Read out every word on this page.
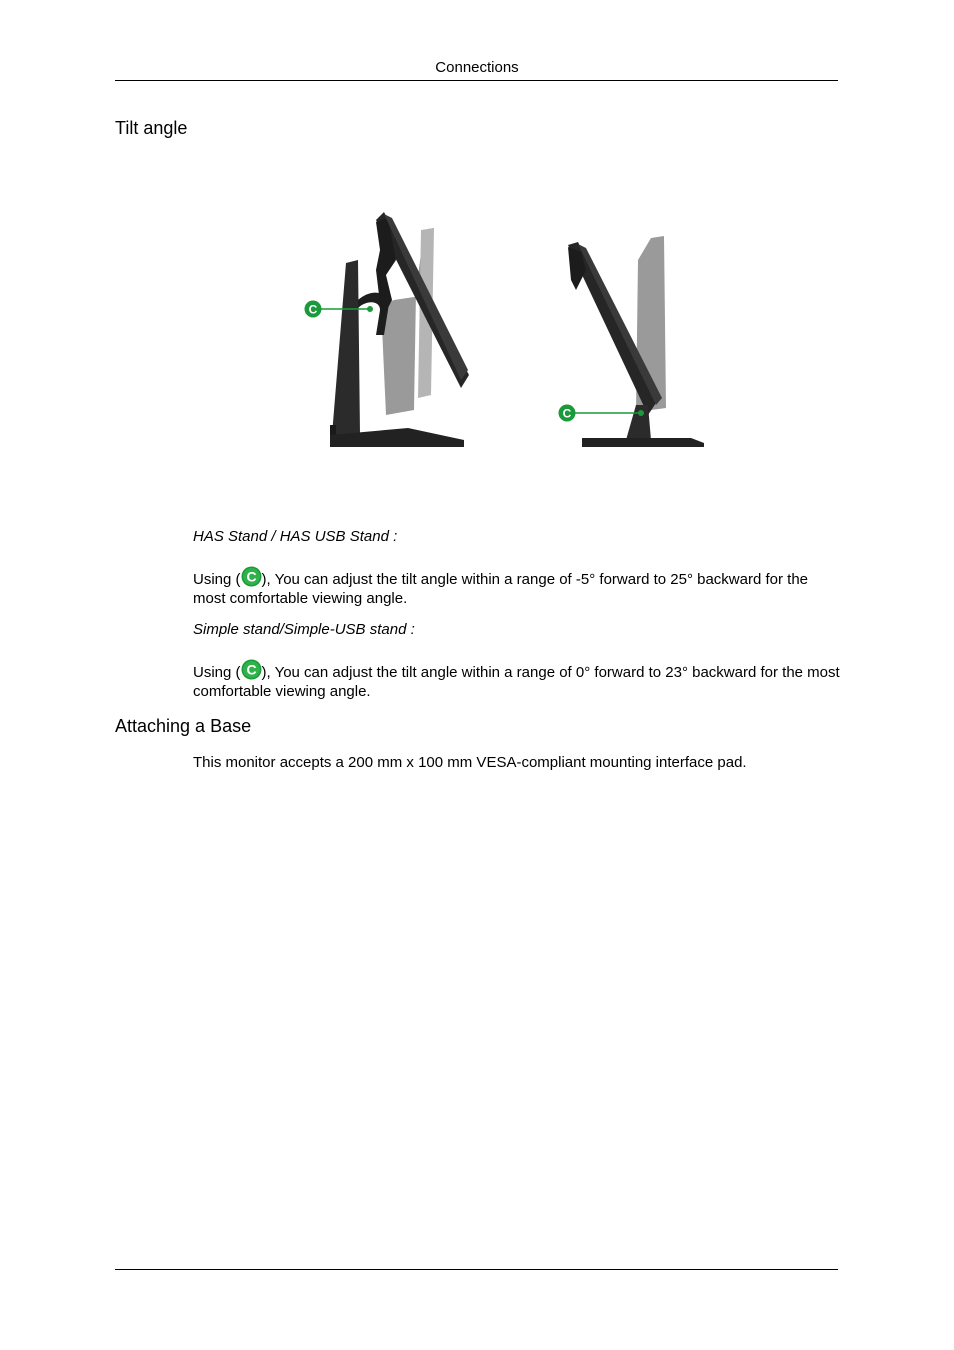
Connections
Tilt angle
C
C

HAS Stand / HAS USB Stand :

Using ( C ), You can adjust the tilt angle within a range of -5° forward to 25° backward for the most comfortable viewing angle.

Simple stand/Simple-USB stand :

Using ( C ), You can adjust the tilt angle within a range of 0° forward to 23° backward for the most comfortable viewing angle.

Attaching a Base

This monitor accepts a 200 mm x 100 mm VESA-compliant mounting interface pad.
